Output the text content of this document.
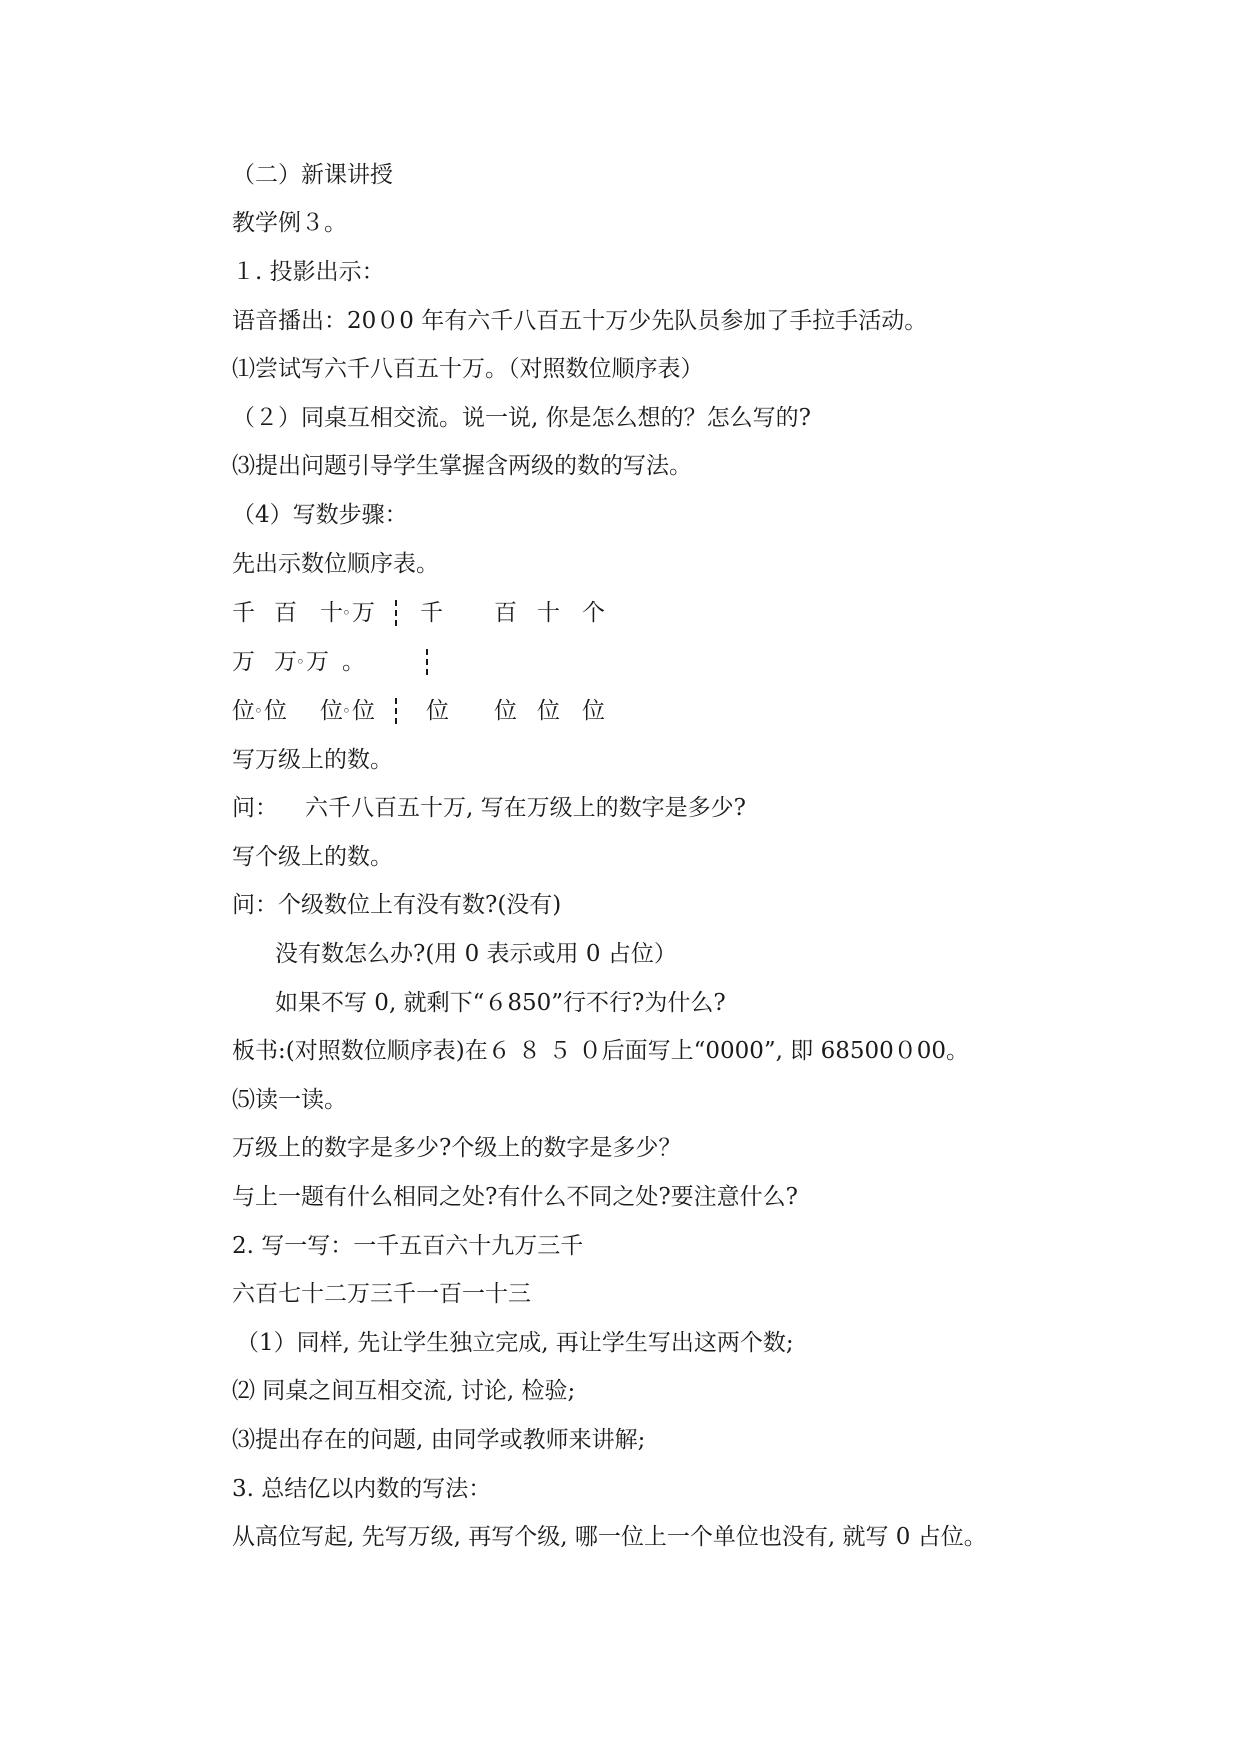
（二）新课讲授
教学例３。
１. 投影出示：
语音播出：20０0 年有六千八百五十万少先队员参加了手拉手活动。
⑴尝试写六千八百五十万。（对照数位顺序表）
（２）同桌互相交流。说一说, 你是怎么想的？怎么写的?
⑶提出问题引导学生掌握含两级的数的写法。
（4）写数步骤：
先出示数位顺序表。
千 百 十 ◦ 万 千 百 十 个
万 万 ◦ 万 。
位 ◦ 位 位 ◦ 位 位 位 位 位
写万级上的数。
问： 六千八百五十万, 写在万级上的数字是多少?
写个级上的数。
问：个级数位上有没有数?(没有)
没有数怎么办?(用 0 表示或用 0 占位）
如果不写 0, 就剩下“６850”行不行?为什么?
板书:(对照数位顺序表)在６ ８ ５ ０后面写上“0000”, 即 68500０00。
⑸读一读。
万级上的数字是多少?个级上的数字是多少？
与上一题有什么相同之处?有什么不同之处?要注意什么?
2. 写一写：一千五百六十九万三千
六百七十二万三千一百一十三
（1）同样, 先让学生独立完成, 再让学生写出这两个数;
⑵ 同桌之间互相交流, 讨论, 检验;
⑶提出存在的问题, 由同学或教师来讲解;
3. 总结亿以内数的写法：
从高位写起, 先写万级, 再写个级, 哪一位上一个单位也没有, 就写 0 占位。
